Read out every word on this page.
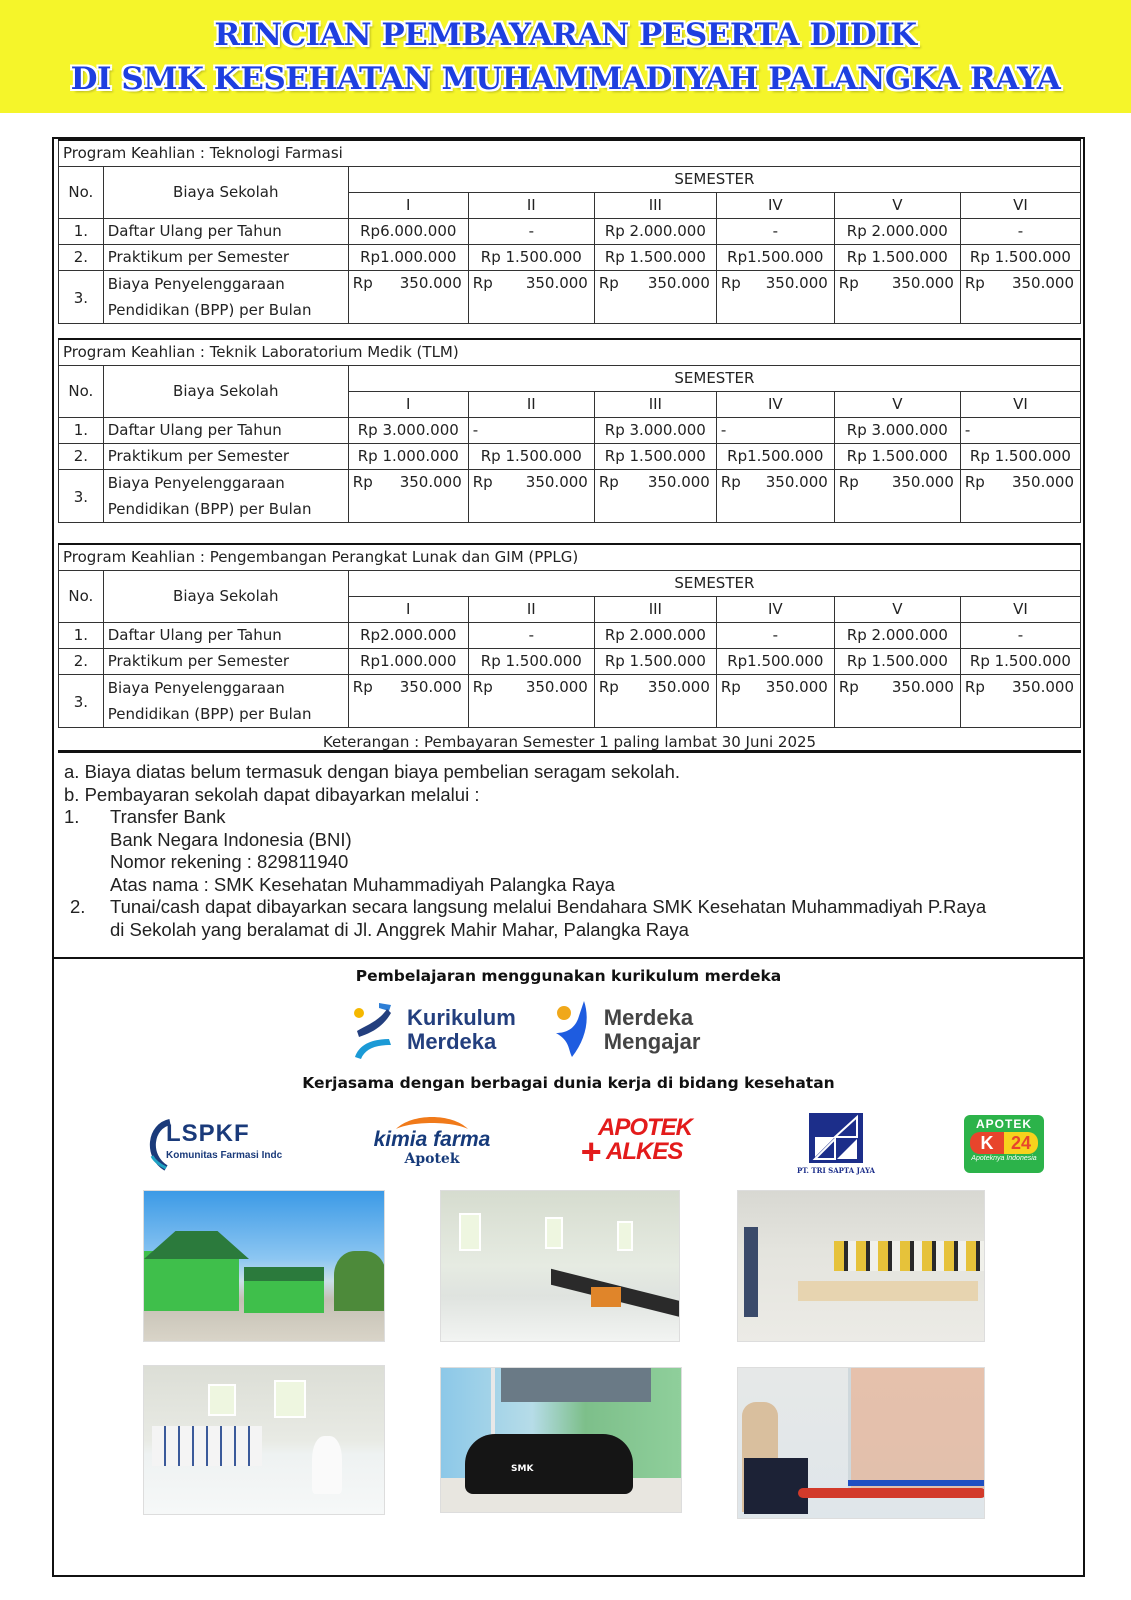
RINCIAN PEMBAYARAN PESERTA DIDIK
DI SMK KESEHATAN MUHAMMADIYAH PALANGKA RAYA
Program Keahlian : Teknologi Farmasi							
No.	Biaya Sekolah	SEMESTER					
		I	II	III	IV	V	VI
1.	Daftar Ulang per Tahun	Rp6.000.000	-	Rp 2.000.000	-	Rp 2.000.000	-
2.	Praktikum per Semester	Rp1.000.000	Rp 1.500.000	Rp 1.500.000	Rp1.500.000	Rp 1.500.000	Rp 1.500.000
3.	Biaya Penyelenggaraan Pendidikan (BPP) per Bulan	Rp 350.000	Rp 350.000	Rp 350.000	Rp 350.000	Rp 350.000	Rp 350.000
Program Keahlian : Teknik Laboratorium Medik (TLM)							
No.	Biaya Sekolah	SEMESTER					
		I	II	III	IV	V	VI
1.	Daftar Ulang per Tahun	Rp 3.000.000	-	Rp 3.000.000	-	Rp 3.000.000	-
2.	Praktikum per Semester	Rp 1.000.000	Rp 1.500.000	Rp 1.500.000	Rp1.500.000	Rp 1.500.000	Rp 1.500.000
3.	Biaya Penyelenggaraan Pendidikan (BPP) per Bulan	Rp 350.000	Rp 350.000	Rp 350.000	Rp 350.000	Rp 350.000	Rp 350.000
Program Keahlian : Pengembangan Perangkat Lunak dan GIM (PPLG)							
No.	Biaya Sekolah	SEMESTER					
		I	II	III	IV	V	VI
1.	Daftar Ulang per Tahun	Rp2.000.000	-	Rp 2.000.000	-	Rp 2.000.000	-
2.	Praktikum per Semester	Rp1.000.000	Rp 1.500.000	Rp 1.500.000	Rp1.500.000	Rp 1.500.000	Rp 1.500.000
3.	Biaya Penyelenggaraan Pendidikan (BPP) per Bulan	Rp 350.000	Rp 350.000	Rp 350.000	Rp 350.000	Rp 350.000	Rp 350.000
Keterangan : Pembayaran Semester 1 paling lambat 30 Juni 2025
a. Biaya diatas belum termasuk dengan biaya pembelian seragam sekolah.
b. Pembayaran sekolah dapat dibayarkan melalui :
1. Transfer Bank
Bank Negara Indonesia (BNI)
Nomor rekening : 829811940
Atas nama : SMK Kesehatan Muhammadiyah Palangka Raya
2. Tunai/cash dapat dibayarkan secara langsung melalui Bendahara SMK Kesehatan Muhammadiyah P.Raya
di Sekolah yang beralamat di Jl. Anggrek Mahir Mahar, Palangka Raya
Pembelajaran menggunakan kurikulum merdeka
Kurikulum
Merdeka
Merdeka
Mengajar
Kerjasama dengan berbagai dunia kerja di bidang kesehatan
LSPKF
Komunitas Farmasi Indc
kimia farma
Apotek
APOTEK
ALKES
+	PT. TRI SAPTA JAYA
APOTEK
K 24
Apoteknya Indonesia
SMK
